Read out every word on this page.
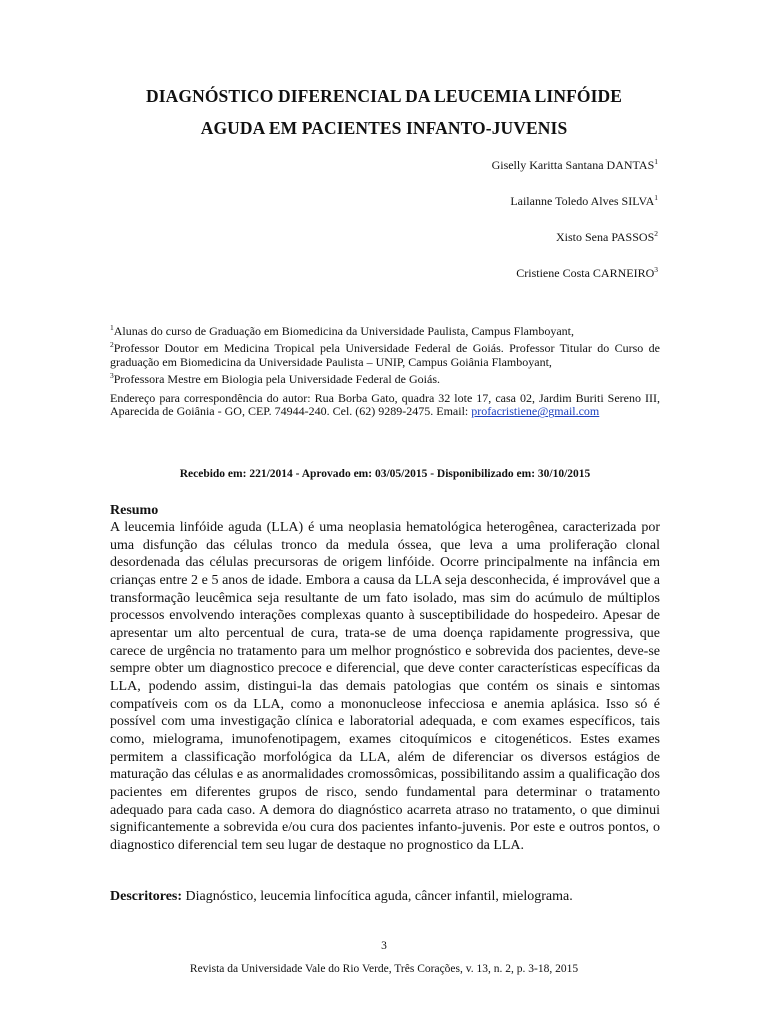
DIAGNÓSTICO DIFERENCIAL DA LEUCEMIA LINFÓIDE
AGUDA EM PACIENTES INFANTO-JUVENIS
Giselly Karitta Santana DANTAS$^1$
Lailanne Toledo Alves SILVA$^1$
Xisto Sena PASSOS$^2$
Cristiene Costa CARNEIRO$^3$
$^1$Alunas do curso de Graduação em Biomedicina da Universidade Paulista, Campus Flamboyant,
$^2$Professor Doutor em Medicina Tropical pela Universidade Federal de Goiás. Professor Titular do Curso de graduação em Biomedicina da Universidade Paulista – UNIP, Campus Goiânia Flamboyant,
$^3$Professora Mestre em Biologia pela Universidade Federal de Goiás.
Endereço para correspondência do autor: Rua Borba Gato, quadra 32 lote 17, casa 02, Jardim Buriti Sereno III, Aparecida de Goiânia - GO, CEP. 74944-240. Cel. (62) 9289-2475. Email: profacristiene@gmail.com
Recebido em: 221/2014 - Aprovado em: 03/05/2015 - Disponibilizado em: 30/10/2015
Resumo
A leucemia linfóide aguda (LLA) é uma neoplasia hematológica heterogênea, caracterizada por uma disfunção das células tronco da medula óssea, que leva a uma proliferação clonal desordenada das células precursoras de origem linfóide. Ocorre principalmente na infância em crianças entre 2 e 5 anos de idade. Embora a causa da LLA seja desconhecida, é improvável que a transformação leucêmica seja resultante de um fato isolado, mas sim do acúmulo de múltiplos processos envolvendo interações complexas quanto à susceptibilidade do hospedeiro. Apesar de apresentar um alto percentual de cura, trata-se de uma doença rapidamente progressiva, que carece de urgência no tratamento para um melhor prognóstico e sobrevida dos pacientes, deve-se sempre obter um diagnostico precoce e diferencial, que deve conter características específicas da LLA, podendo assim, distingui-la das demais patologias que contém os sinais e sintomas compatíveis com os da LLA, como a mononucleose infecciosa e anemia aplásica. Isso só é possível com uma investigação clínica e laboratorial adequada, e com exames específicos, tais como, mielograma, imunofenotipagem, exames citoquímicos e citogenéticos. Estes exames permitem a classificação morfológica da LLA, além de diferenciar os diversos estágios de maturação das células e as anormalidades cromossômicas, possibilitando assim a qualificação dos pacientes em diferentes grupos de risco, sendo fundamental para determinar o tratamento adequado para cada caso. A demora do diagnóstico acarreta atraso no tratamento, o que diminui significantemente a sobrevida e/ou cura dos pacientes infanto-juvenis. Por este e outros pontos, o diagnostico diferencial tem seu lugar de destaque no prognostico da LLA.
Descritores: Diagnóstico, leucemia linfocítica aguda, câncer infantil, mielograma.
3
Revista da Universidade Vale do Rio Verde, Três Corações, v. 13, n. 2, p. 3-18, 2015
